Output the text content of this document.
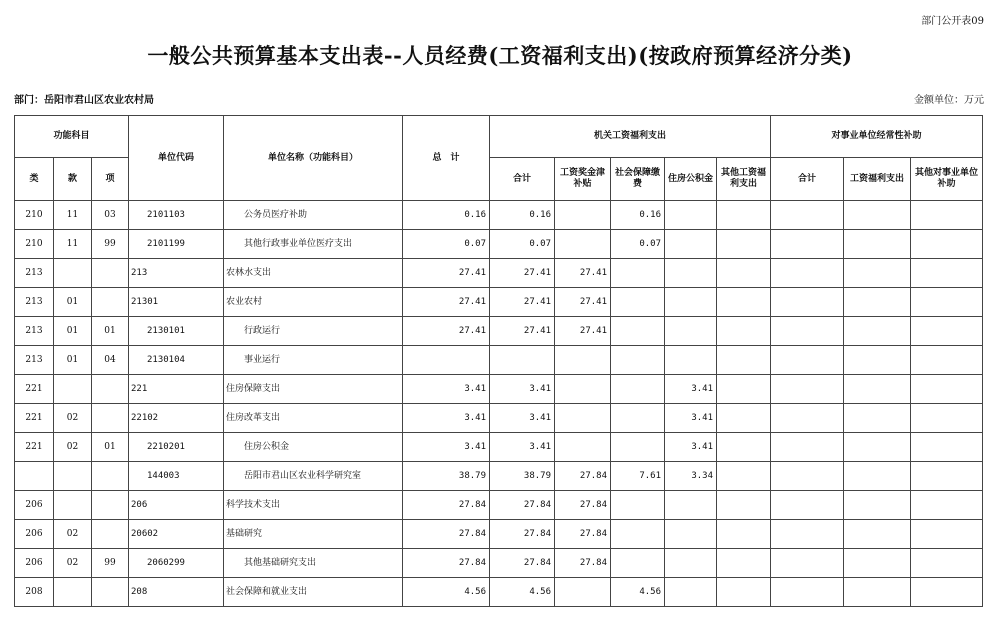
部门公开表09
一般公共预算基本支出表--人员经费(工资福利支出)(按政府预算经济分类)
部门：岳阳市君山区农业农村局	金额单位：万元
功能科目			单位代码	单位名称（功能科目）	总　计	机关工资福利支出					对事业单位经常性补助		
类	款	项				合计	工资奖金津补贴	社会保障缴费	住房公积金	其他工资福利支出	合计	工资福利支出	其他对事业单位补助
210	11	03	2101103	公务员医疗补助	0.16	0.16		0.16					
210	11	99	2101199	其他行政事业单位医疗支出	0.07	0.07		0.07					
213			213	农林水支出	27.41	27.41	27.41						
213	01		21301	农业农村	27.41	27.41	27.41						
213	01	01	2130101	行政运行	27.41	27.41	27.41						
213	01	04	2130104	事业运行									
221			221	住房保障支出	3.41	3.41			3.41				
221	02		22102	住房改革支出	3.41	3.41			3.41				
221	02	01	2210201	住房公积金	3.41	3.41			3.41				
			144003	岳阳市君山区农业科学研究室	38.79	38.79	27.84	7.61	3.34				
206			206	科学技术支出	27.84	27.84	27.84						
206	02		20602	基础研究	27.84	27.84	27.84						
206	02	99	2060299	其他基础研究支出	27.84	27.84	27.84						
208			208	社会保障和就业支出	4.56	4.56		4.56					
